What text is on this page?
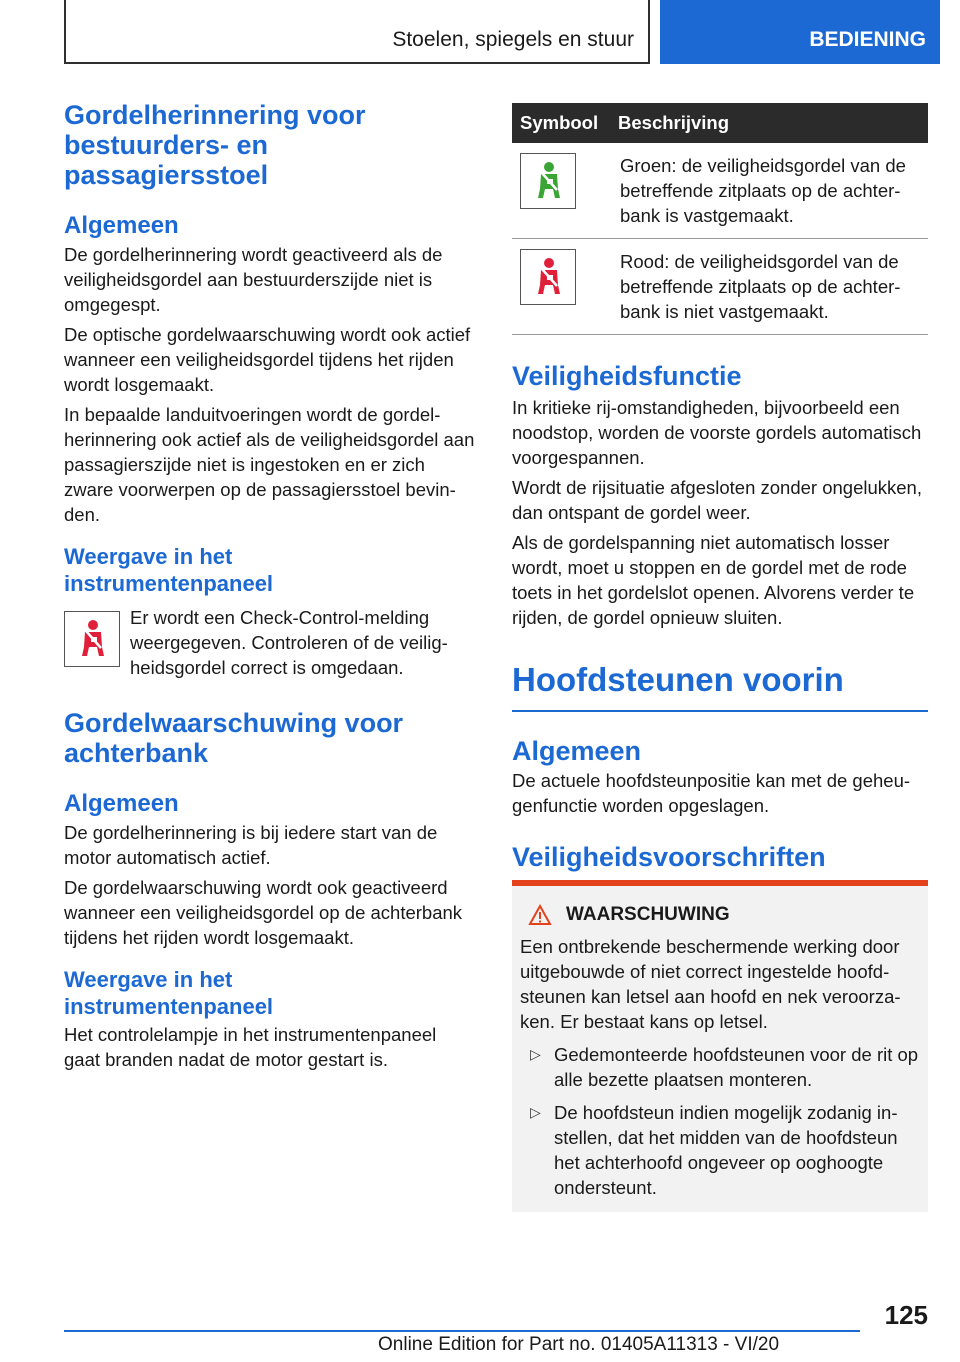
Stoelen, spiegels en stuur	BEDIENING
Gordelherinnering voor bestuurders- en passagiersstoel
Algemeen

De gordelherinnering wordt geactiveerd als de veiligheidsgordel aan bestuurderszijde niet is omgegespt.

De optische gordelwaarschuwing wordt ook actief wanneer een veiligheidsgordel tijdens het rijden wordt losgemaakt.

In bepaalde landuitvoeringen wordt de gordelherinnering ook actief als de veiligheidsgordel aan passagierszijde niet is ingestoken en er zich zware voorwerpen op de passagiersstoel bevinden.

Weergave in het instrumentenpaneel

Er wordt een Check-Control-melding weergegeven. Controleren of de veiligheidsgordel correct is omgedaan.

Gordelwaarschuwing voor achterbank
Algemeen

De gordelherinnering is bij iedere start van de motor automatisch actief.

De gordelwaarschuwing wordt ook geactiveerd wanneer een veiligheidsgordel op de achterbank tijdens het rijden wordt losgemaakt.

Weergave in het instrumentenpaneel

Het controlelampje in het instrumentenpaneel gaat branden nadat de motor gestart is.

Symbool	Beschrijving

	Groen: de veiligheidsgordel van de betreffende zitplaats op de achterbank is vastgemaakt.

	Rood: de veiligheidsgordel van de betreffende zitplaats op de achterbank is niet vastgemaakt.
Veiligheidsfunctie

In kritieke rij-omstandigheden, bijvoorbeeld een noodstop, worden de voorste gordels automatisch voorgespannen.

Wordt de rijsituatie afgesloten zonder ongelukken, dan ontspant de gordel weer.

Als de gordelspanning niet automatisch losser wordt, moet u stoppen en de gordel met de rode toets in het gordelslot openen. Alvorens verder te rijden, de gordel opnieuw sluiten.

Hoofdsteunen voorin
Algemeen

De actuele hoofdsteunpositie kan met de geheugenfunctie worden opgeslagen.

Veiligheidsvoorschriften
WAARSCHUWING

Een ontbrekende beschermende werking door uitgebouwde of niet correct ingestelde hoofdsteunen kan letsel aan hoofd en nek veroorzaken. Er bestaat kans op letsel.

▷ Gedemonteerde hoofdsteunen voor de rit op alle bezette plaatsen monteren.

▷ De hoofdsteun indien mogelijk zodanig instellen, dat het midden van de hoofdsteun het achterhoofd ongeveer op ooghoogte ondersteunt.

125
Online Edition for Part no. 01405A11313 - VI/20
